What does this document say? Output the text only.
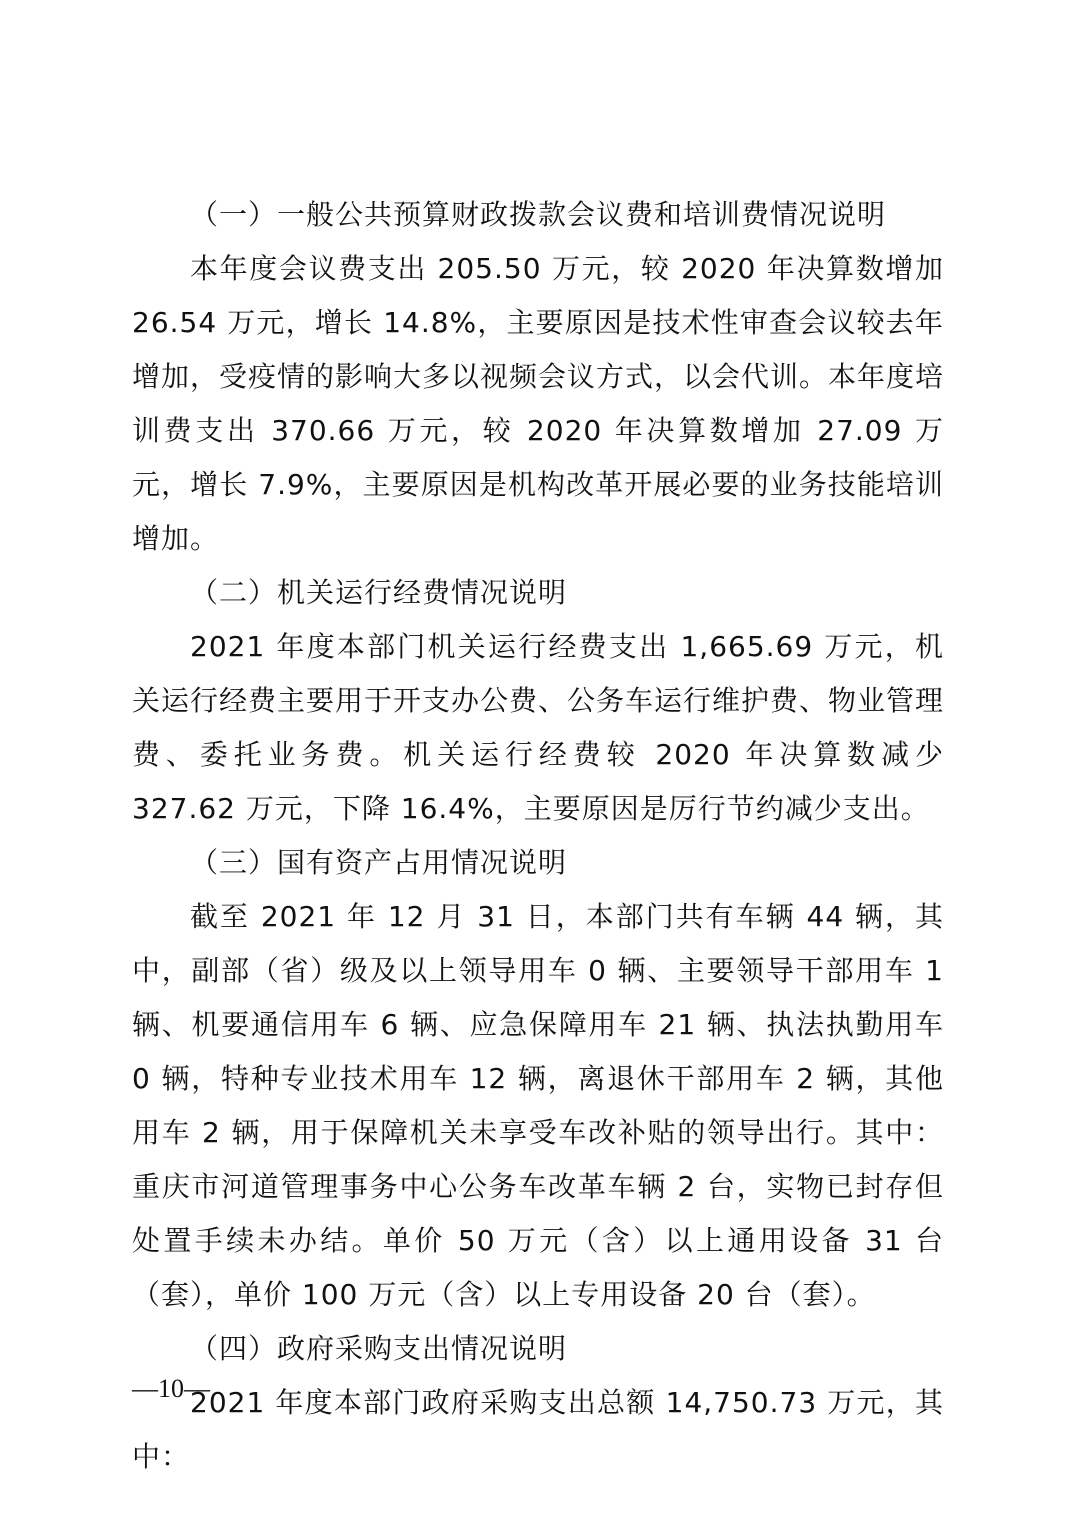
（一）一般公共预算财政拨款会议费和培训费情况说明

本年度会议费支出 205.50 万元，较 2020 年决算数增加 26.54 万元，增长 14.8%，主要原因是技术性审查会议较去年增加，受疫情的影响大多以视频会议方式，以会代训。本年度培训费支出 370.66 万元，较 2020 年决算数增加 27.09 万元，增长 7.9%，主要原因是机构改革开展必要的业务技能培训增加。

（二）机关运行经费情况说明

2021 年度本部门机关运行经费支出 1,665.69 万元，机关运行经费主要用于开支办公费、公务车运行维护费、物业管理费、委托业务费。机关运行经费较 2020 年决算数减少 327.62 万元，下降 16.4%，主要原因是厉行节约减少支出。

（三）国有资产占用情况说明

截至 2021 年 12 月 31 日，本部门共有车辆 44 辆，其中，副部（省）级及以上领导用车 0 辆、主要领导干部用车 1 辆、机要通信用车 6 辆、应急保障用车 21 辆、执法执勤用车 0 辆，特种专业技术用车 12 辆，离退休干部用车 2 辆，其他用车 2 辆，用于保障机关未享受车改补贴的领导出行。其中：重庆市河道管理事务中心公务车改革车辆 2 台，实物已封存但处置手续未办结。单价 50 万元（含）以上通用设备 31 台（套），单价 100 万元（含）以上专用设备 20 台（套）。

（四）政府采购支出情况说明

2021 年度本部门政府采购支出总额 14,750.73 万元，其中：

—10—
